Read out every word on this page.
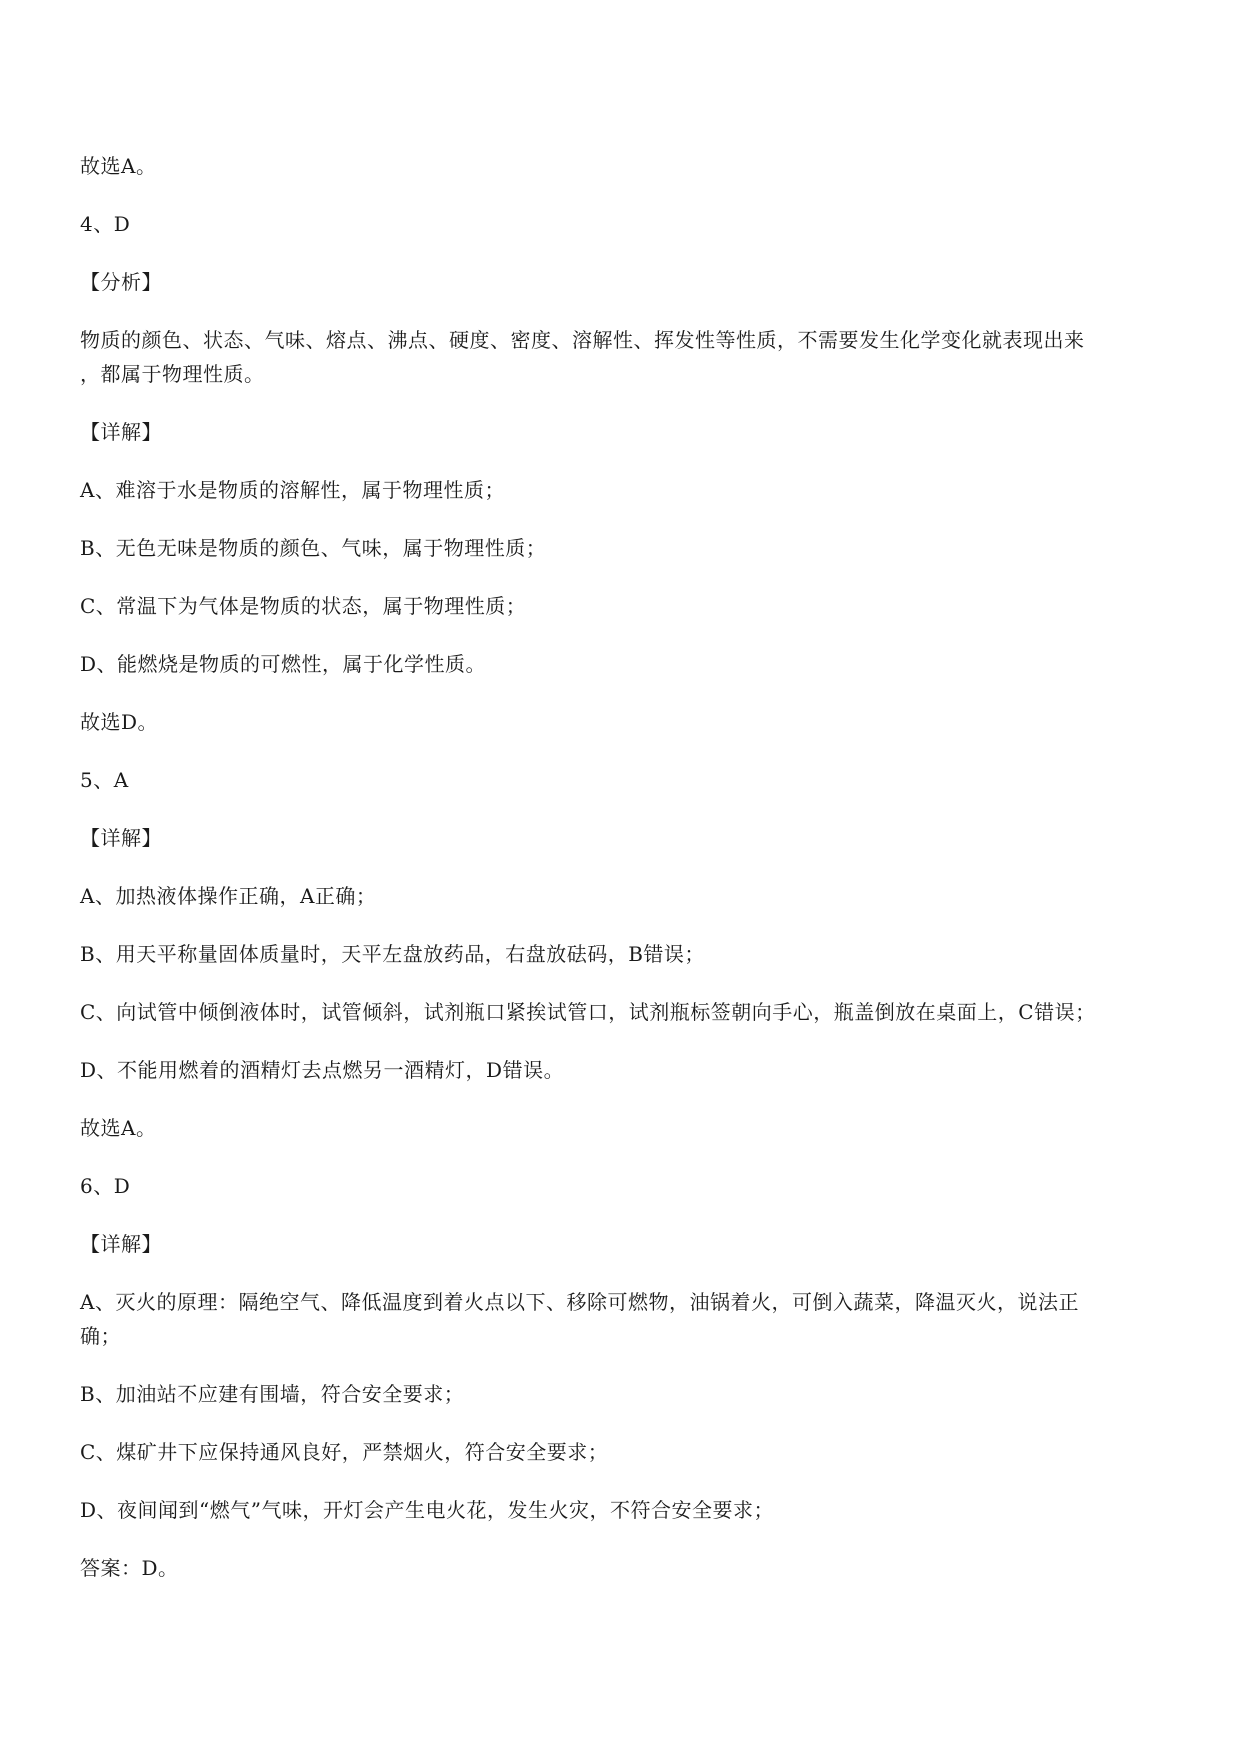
故选A。
4、D
【分析】
物质的颜色、状态、气味、熔点、沸点、硬度、密度、溶解性、挥发性等性质，不需要发生化学变化就表现出来
，都属于物理性质。
【详解】
A、难溶于水是物质的溶解性，属于物理性质；
B、无色无味是物质的颜色、气味，属于物理性质；
C、常温下为气体是物质的状态，属于物理性质；
D、能燃烧是物质的可燃性，属于化学性质。
故选D。
5、A
【详解】
A、加热液体操作正确，A正确；
B、用天平称量固体质量时，天平左盘放药品，右盘放砝码，B错误；
C、向试管中倾倒液体时，试管倾斜，试剂瓶口紧挨试管口，试剂瓶标签朝向手心，瓶盖倒放在桌面上，C错误；
D、不能用燃着的酒精灯去点燃另一酒精灯，D错误。
故选A。
6、D
【详解】
A、灭火的原理：隔绝空气、降低温度到着火点以下、移除可燃物，油锅着火，可倒入蔬菜，降温灭火，说法正
确；
B、加油站不应建有围墙，符合安全要求；
C、煤矿井下应保持通风良好，严禁烟火，符合安全要求；
D、夜间闻到“燃气”气味，开灯会产生电火花，发生火灾，不符合安全要求；
答案：D。
